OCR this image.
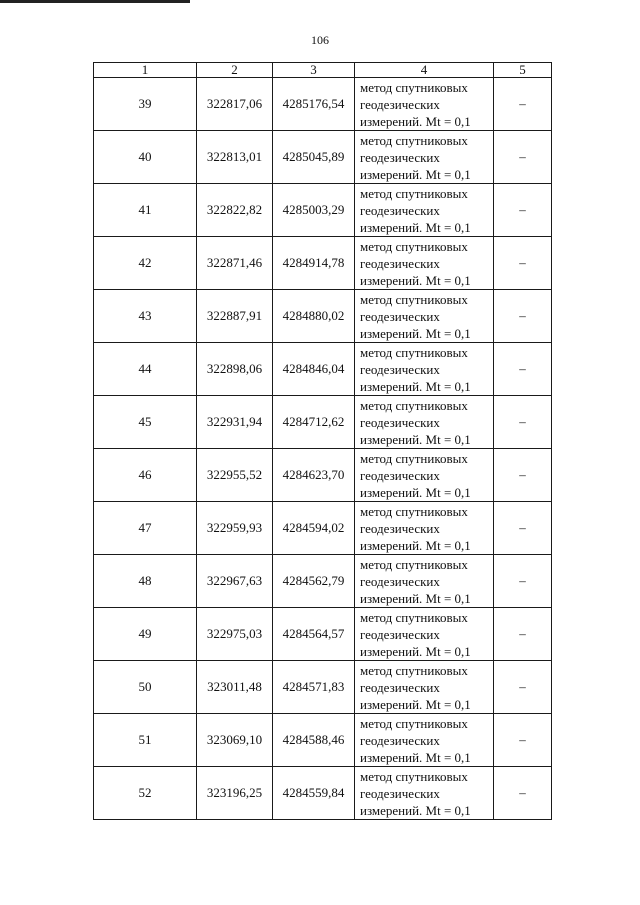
106
1	2	3	4	5
39	322817,06	4285176,54	метод спутниковых
геодезических
измерений. Mt = 0,1	–
40	322813,01	4285045,89	метод спутниковых
геодезических
измерений. Mt = 0,1	–
41	322822,82	4285003,29	метод спутниковых
геодезических
измерений. Mt = 0,1	–
42	322871,46	4284914,78	метод спутниковых
геодезических
измерений. Mt = 0,1	–
43	322887,91	4284880,02	метод спутниковых
геодезических
измерений. Mt = 0,1	–
44	322898,06	4284846,04	метод спутниковых
геодезических
измерений. Mt = 0,1	–
45	322931,94	4284712,62	метод спутниковых
геодезических
измерений. Mt = 0,1	–
46	322955,52	4284623,70	метод спутниковых
геодезических
измерений. Mt = 0,1	–
47	322959,93	4284594,02	метод спутниковых
геодезических
измерений. Mt = 0,1	–
48	322967,63	4284562,79	метод спутниковых
геодезических
измерений. Mt = 0,1	–
49	322975,03	4284564,57	метод спутниковых
геодезических
измерений. Mt = 0,1	–
50	323011,48	4284571,83	метод спутниковых
геодезических
измерений. Mt = 0,1	–
51	323069,10	4284588,46	метод спутниковых
геодезических
измерений. Mt = 0,1	–
52	323196,25	4284559,84	метод спутниковых
геодезических
измерений. Mt = 0,1	–
